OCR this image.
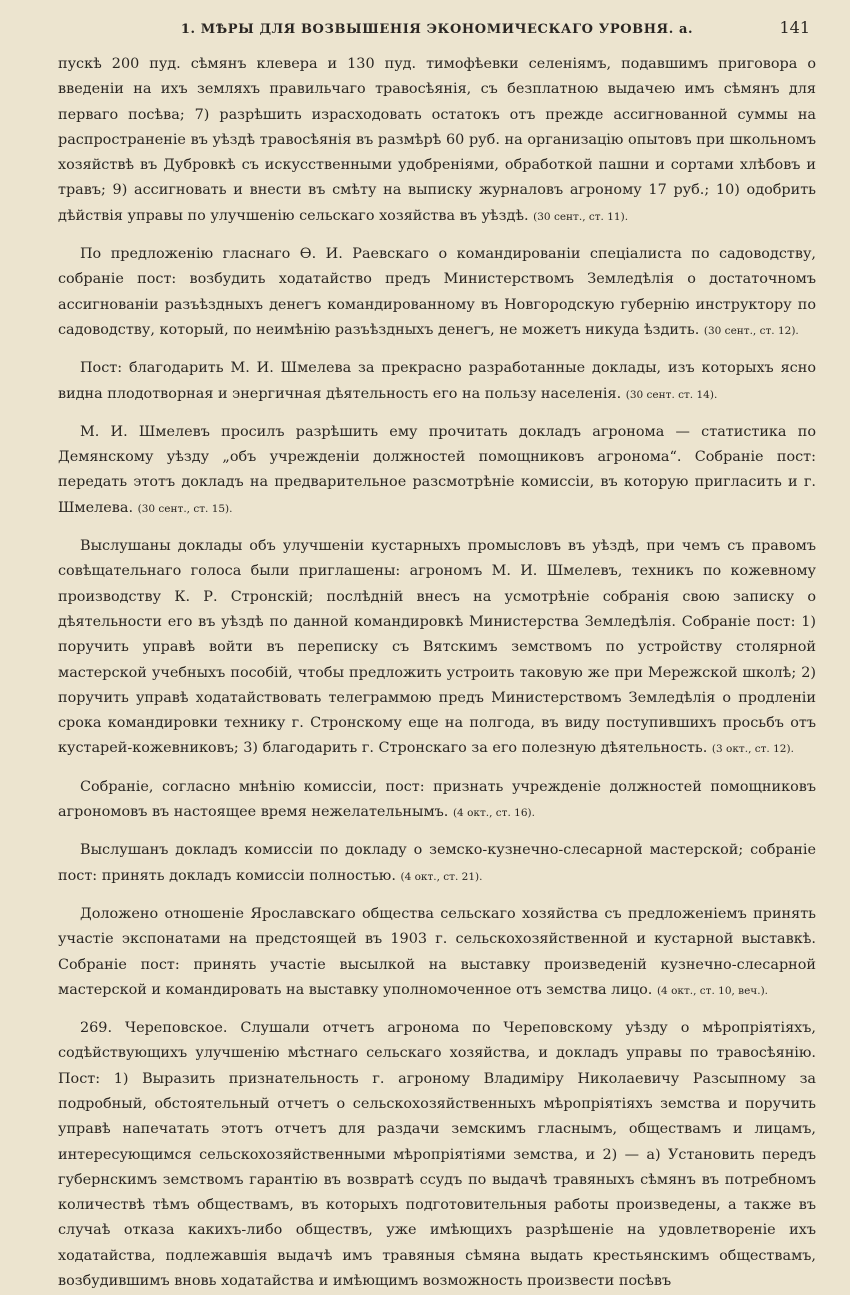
1. МѢРЫ ДЛЯ ВОЗВЫШЕНІЯ ЭКОНОМИЧЕСКАГО УРОВНЯ. а.	141

пускѣ 200 пуд. сѣмянъ клевера и 130 пуд. тимофѣевки селеніямъ, подавшимъ приговора о введеніи на ихъ земляхъ правильчаго травосѣянія, съ безплатною выдачею имъ сѣмянъ для перваго посѣва; 7) разрѣшить израсходовать остатокъ отъ прежде ассигнованной суммы на распространеніе въ уѣздѣ травосѣянія въ размѣрѣ 60 руб. на организацію опытовъ при школьномъ хозяйствѣ въ Дубровкѣ съ искусственными удобреніями, обработкой пашни и сортами хлѣбовъ и травъ; 9) ассигновать и внести въ смѣту на выписку журналовъ агроному 17 руб.; 10) одобрить дѣйствія управы по улучшенію сельскаго хозяйства въ уѣздѣ. (30 сент., ст. 11).

По предложенію гласнаго Ѳ. И. Раевскаго о командированіи спеціалиста по садоводству, собраніе пост: возбудить ходатайство предъ Министерствомъ Земледѣлія о достаточномъ ассигнованіи разъѣздныхъ денегъ командированному въ Новгородскую губернію инструктору по садоводству, который, по неимѣнію разъѣздныхъ денегъ, не можетъ никуда ѣздить. (30 сент., ст. 12).

Пост: благодарить М. И. Шмелева за прекрасно разработанные доклады, изъ которыхъ ясно видна плодотворная и энергичная дѣятельность его на пользу населенія. (30 сент. ст. 14).

М. И. Шмелевъ просилъ разрѣшить ему прочитать докладъ агронома — статистика по Демянскому уѣзду „объ учрежденіи должностей помощниковъ агронома“. Собраніе пост: передать этотъ докладъ на предварительное разсмотрѣніе комиссіи, въ которую пригласить и г. Шмелева. (30 сент., ст. 15).

Выслушаны доклады объ улучшеніи кустарныхъ промысловъ въ уѣздѣ, при чемъ съ правомъ совѣщательнаго голоса были приглашены: агрономъ М. И. Шмелевъ, техникъ по кожевному производству К. Р. Стронскій; послѣдній внесъ на усмотрѣніе собранія свою записку о дѣятельности его въ уѣздѣ по данной командировкѣ Министерства Земледѣлія. Собраніе пост: 1) поручить управѣ войти въ переписку съ Вятскимъ земствомъ по устройству столярной мастерской учебныхъ пособій, чтобы предложить устроить таковую же при Мережской школѣ; 2) поручить управѣ ходатайствовать телеграммою предъ Министерствомъ Земледѣлія о продленіи срока командировки технику г. Стронскому еще на полгода, въ виду поступившихъ просьбъ отъ кустарей-кожевниковъ; 3) благодарить г. Стронскаго за его полезную дѣятельность. (3 окт., ст. 12).

Собраніе, согласно мнѣнію комиссіи, пост: признать учрежденіе должностей помощниковъ агрономовъ въ настоящее время нежелательнымъ. (4 окт., ст. 16).

Выслушанъ докладъ комиссіи по докладу о земско-кузнечно-слесарной мастерской; собраніе пост: принять докладъ комиссіи полностью. (4 окт., ст. 21).

Доложено отношеніе Ярославскаго общества сельскаго хозяйства съ предложеніемъ принять участіе экспонатами на предстоящей въ 1903 г. сельскохозяйственной и кустарной выставкѣ. Собраніе пост: принять участіе высылкой на выставку произведеній кузнечно-слесарной мастерской и командировать на выставку уполномоченное отъ земства лицо. (4 окт., ст. 10, веч.).

269. Череповское. Слушали отчетъ агронома по Череповскому уѣзду о мѣропріятіяхъ, содѣйствующихъ улучшенію мѣстнаго сельскаго хозяйства, и докладъ управы по травосѣянію. Пост: 1) Выразить признательность г. агроному Владиміру Николаевичу Разсыпному за подробный, обстоятельный отчетъ о сельскохозяйственныхъ мѣропріятіяхъ земства и поручить управѣ напечатать этотъ отчетъ для раздачи земскимъ гласнымъ, обществамъ и лицамъ, интересующимся сельскохозяйственными мѣропріятіями земства, и 2) — а) Установить передъ губернскимъ земствомъ гарантію въ возвратѣ ссудъ по выдачѣ травяныхъ сѣмянъ въ потребномъ количествѣ тѣмъ обществамъ, въ которыхъ подготовительныя работы произведены, а также въ случаѣ отказа какихъ-либо обществъ, уже имѣющихъ разрѣшеніе на удовлетвореніе ихъ ходатайства, подлежавшія выдачѣ имъ травяныя сѣмяна выдать крестьянскимъ обществамъ, возбудившимъ вновь ходатайства и имѣющимъ возможность произвести посѣвъ
